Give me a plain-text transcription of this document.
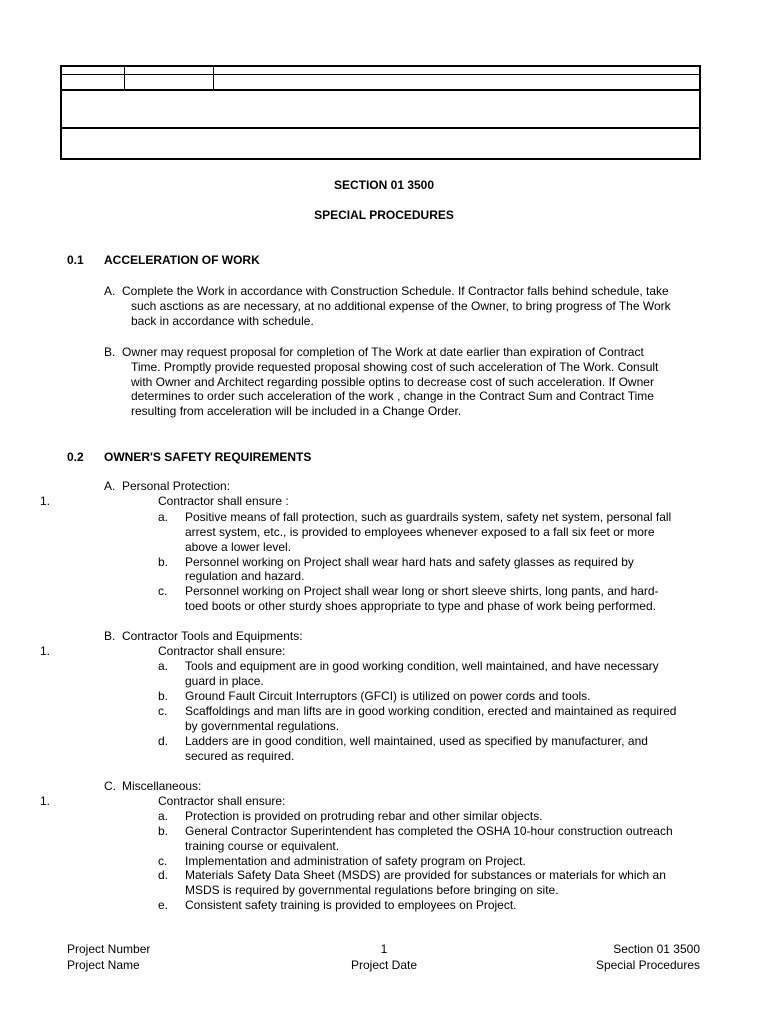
SECTION 01 3500
SPECIAL PROCEDURES
0.1 ACCELERATION OF WORK
A. Complete the Work in accordance with Construction Schedule. If Contractor falls behind schedule, take
such asctions as are necessary, at no additional expense of the Owner, to bring progress of The Work
back in accordance with schedule.
B. Owner may request proposal for completion of The Work at date earlier than expiration of Contract
Time. Promptly provide requested proposal showing cost of such acceleration of The Work. Consult
with Owner and Architect regarding possible optins to decrease cost of such acceleration. If Owner
determines to order such acceleration of the work , change in the Contract Sum and Contract Time
resulting from acceleration will be included in a Change Order.
0.2 OWNER'S SAFETY REQUIREMENTS
A. Personal Protection:
1.	Contractor shall ensure :
a. Positive means of fall protection, such as guardrails system, safety net system, personal fall
arrest system, etc., is provided to employees whenever exposed to a fall six feet or more
above a lower level.
b. Personnel working on Project shall wear hard hats and safety glasses as required by
regulation and hazard.
c. Personnel working on Project shall wear long or short sleeve shirts, long pants, and hard-
toed boots or other sturdy shoes appropriate to type and phase of work being performed.
B. Contractor Tools and Equipments:
1.	Contractor shall ensure:
a. Tools and equipment are in good working condition, well maintained, and have necessary
guard in place.
b. Ground Fault Circuit Interruptors (GFCI) is utilized on power cords and tools.
c. Scaffoldings and man lifts are in good working condition, erected and maintained as required
by governmental regulations.
d. Ladders are in good condition, well maintained, used as specified by manufacturer, and
secured as required.
C. Miscellaneous:
1.	Contractor shall ensure:
a. Protection is provided on protruding rebar and other similar objects.
b. General Contractor Superintendent has completed the OSHA 10-hour construction outreach
training course or equivalent.
c. Implementation and administration of safety program on Project.
d. Materials Safety Data Sheet (MSDS) are provided for substances or materials for which an
MSDS is required by governmental regulations before bringing on site.
e. Consistent safety training is provided to employees on Project.
Project Number
Project Name
1
Project Date
Section 01 3500
Special Procedures
